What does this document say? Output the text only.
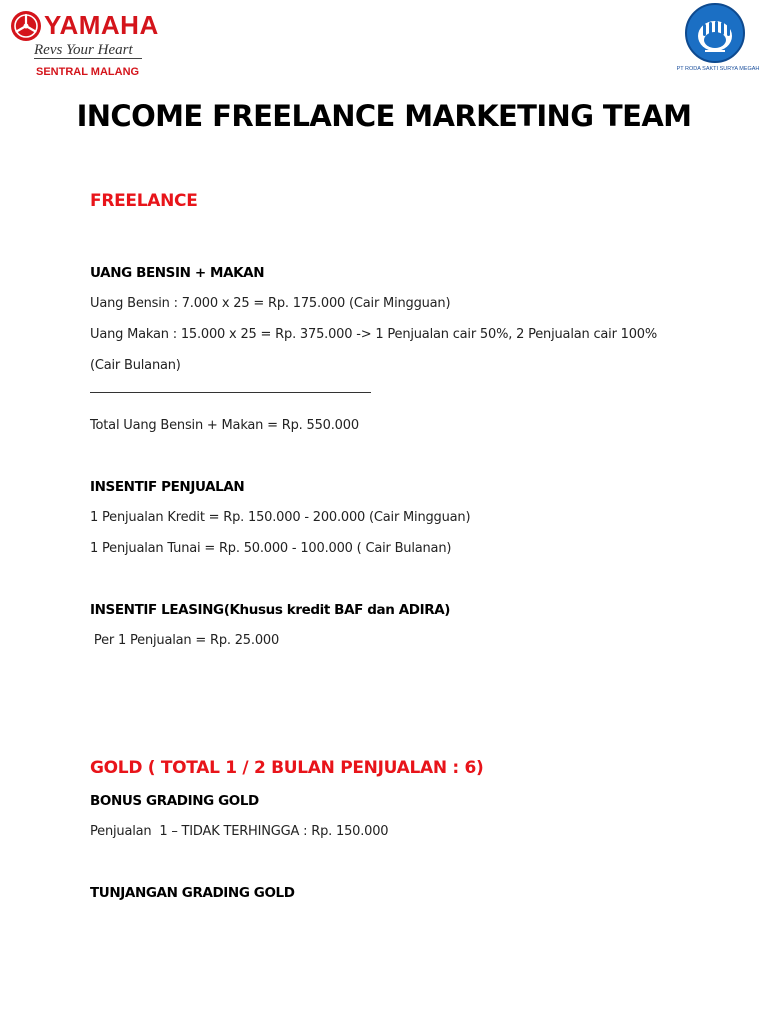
YAMAHA
Revs Your Heart
SENTRAL MALANG	PT RODA SAKTI SURYA MEGAH
INCOME FREELANCE MARKETING TEAM
FREELANCE
UANG BENSIN + MAKAN
Uang Bensin : 7.000 x 25 = Rp. 175.000 (Cair Mingguan)
Uang Makan : 15.000 x 25 = Rp. 375.000 -> 1 Penjualan cair 50%, 2 Penjualan cair 100%
(Cair Bulanan)
Total Uang Bensin + Makan = Rp. 550.000
INSENTIF PENJUALAN
1 Penjualan Kredit = Rp. 150.000 - 200.000 (Cair Mingguan)
1 Penjualan Tunai = Rp. 50.000 - 100.000 ( Cair Bulanan)
INSENTIF LEASING(Khusus kredit BAF dan ADIRA)
Per 1 Penjualan = Rp. 25.000
GOLD ( TOTAL 1 / 2 BULAN PENJUALAN : 6)
BONUS GRADING GOLD
Penjualan  1 – TIDAK TERHINGGA : Rp. 150.000
TUNJANGAN GRADING GOLD
